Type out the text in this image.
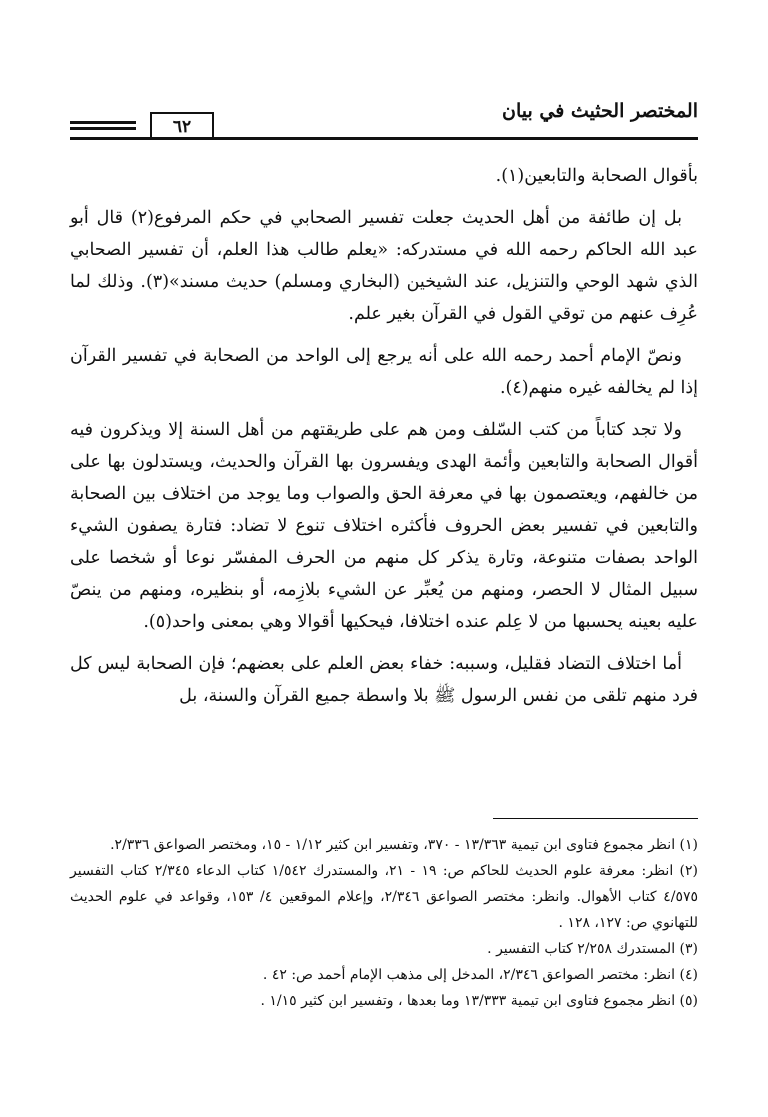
المختصر الحثيث في بيان
٦٢

بأقوال الصحابة والتابعين(١).

بل إن طائفة من أهل الحديث جعلت تفسير الصحابي في حكم المرفوع(٢) قال أبو عبد الله الحاكم رحمه الله في مستدركه: «يعلم طالب هذا العلم، أن تفسير الصحابي الذي شهد الوحي والتنزيل، عند الشيخين (البخاري ومسلم) حديث مسند»(٣). وذلك لما عُرِف عنهم من توقي القول في القرآن بغير علم.

ونصّ الإمام أحمد رحمه الله على أنه يرجع إلى الواحد من الصحابة في تفسير القرآن إذا لم يخالفه غيره منهم(٤).

ولا تجد كتاباً من كتب السّلف ومن هم على طريقتهم من أهل السنة إلا ويذكرون فيه أقوال الصحابة والتابعين وأئمة الهدى ويفسرون بها القرآن والحديث، ويستدلون بها على من خالفهم، ويعتصمون بها في معرفة الحق والصواب وما يوجد من اختلاف بين الصحابة والتابعين في تفسير بعض الحروف فأكثره اختلاف تنوع لا تضاد: فتارة يصفون الشيء الواحد بصفات متنوعة، وتارة يذكر كل منهم من الحرف المفسّر نوعا أو شخصا على سبيل المثال لا الحصر، ومنهم من يُعبِّر عن الشيء بلازِمه، أو بنظيره، ومنهم من ينصّ عليه بعينه يحسبها من لا عِلم عنده اختلافا، فيحكيها أقوالا وهي بمعنى واحد(٥).

أما اختلاف التضاد فقليل، وسببه: خفاء بعض العلم على بعضهم؛ فإن الصحابة ليس كل فرد منهم تلقى من نفس الرسول ﷺ بلا واسطة جميع القرآن والسنة، بل

(١) انظر مجموع فتاوى ابن تيمية ١٣/٣٦٣ - ٣٧٠، وتفسير ابن كثير ١/١٢ - ١٥، ومختصر الصواعق ٢/٣٣٦.
(٢) انظر: معرفة علوم الحديث للحاكم ص: ١٩ - ٢١، والمستدرك ١/٥٤٢ كتاب الدعاء ٢/٣٤٥ كتاب التفسير ٤/٥٧٥ كتاب الأهوال. وانظر: مختصر الصواعق ٢/٣٤٦، وإعلام الموقعين ٤/ ١٥٣، وقواعد في علوم الحديث للتهانوي ص: ١٢٧، ١٢٨ .
(٣) المستدرك ٢/٢٥٨ كتاب التفسير .
(٤) انظر: مختصر الصواعق ٢/٣٤٦، المدخل إلى مذهب الإمام أحمد ص: ٤٢ .
(٥) انظر مجموع فتاوى ابن تيمية ١٣/٣٣٣ وما بعدها ، وتفسير ابن كثير ١/١٥ .
